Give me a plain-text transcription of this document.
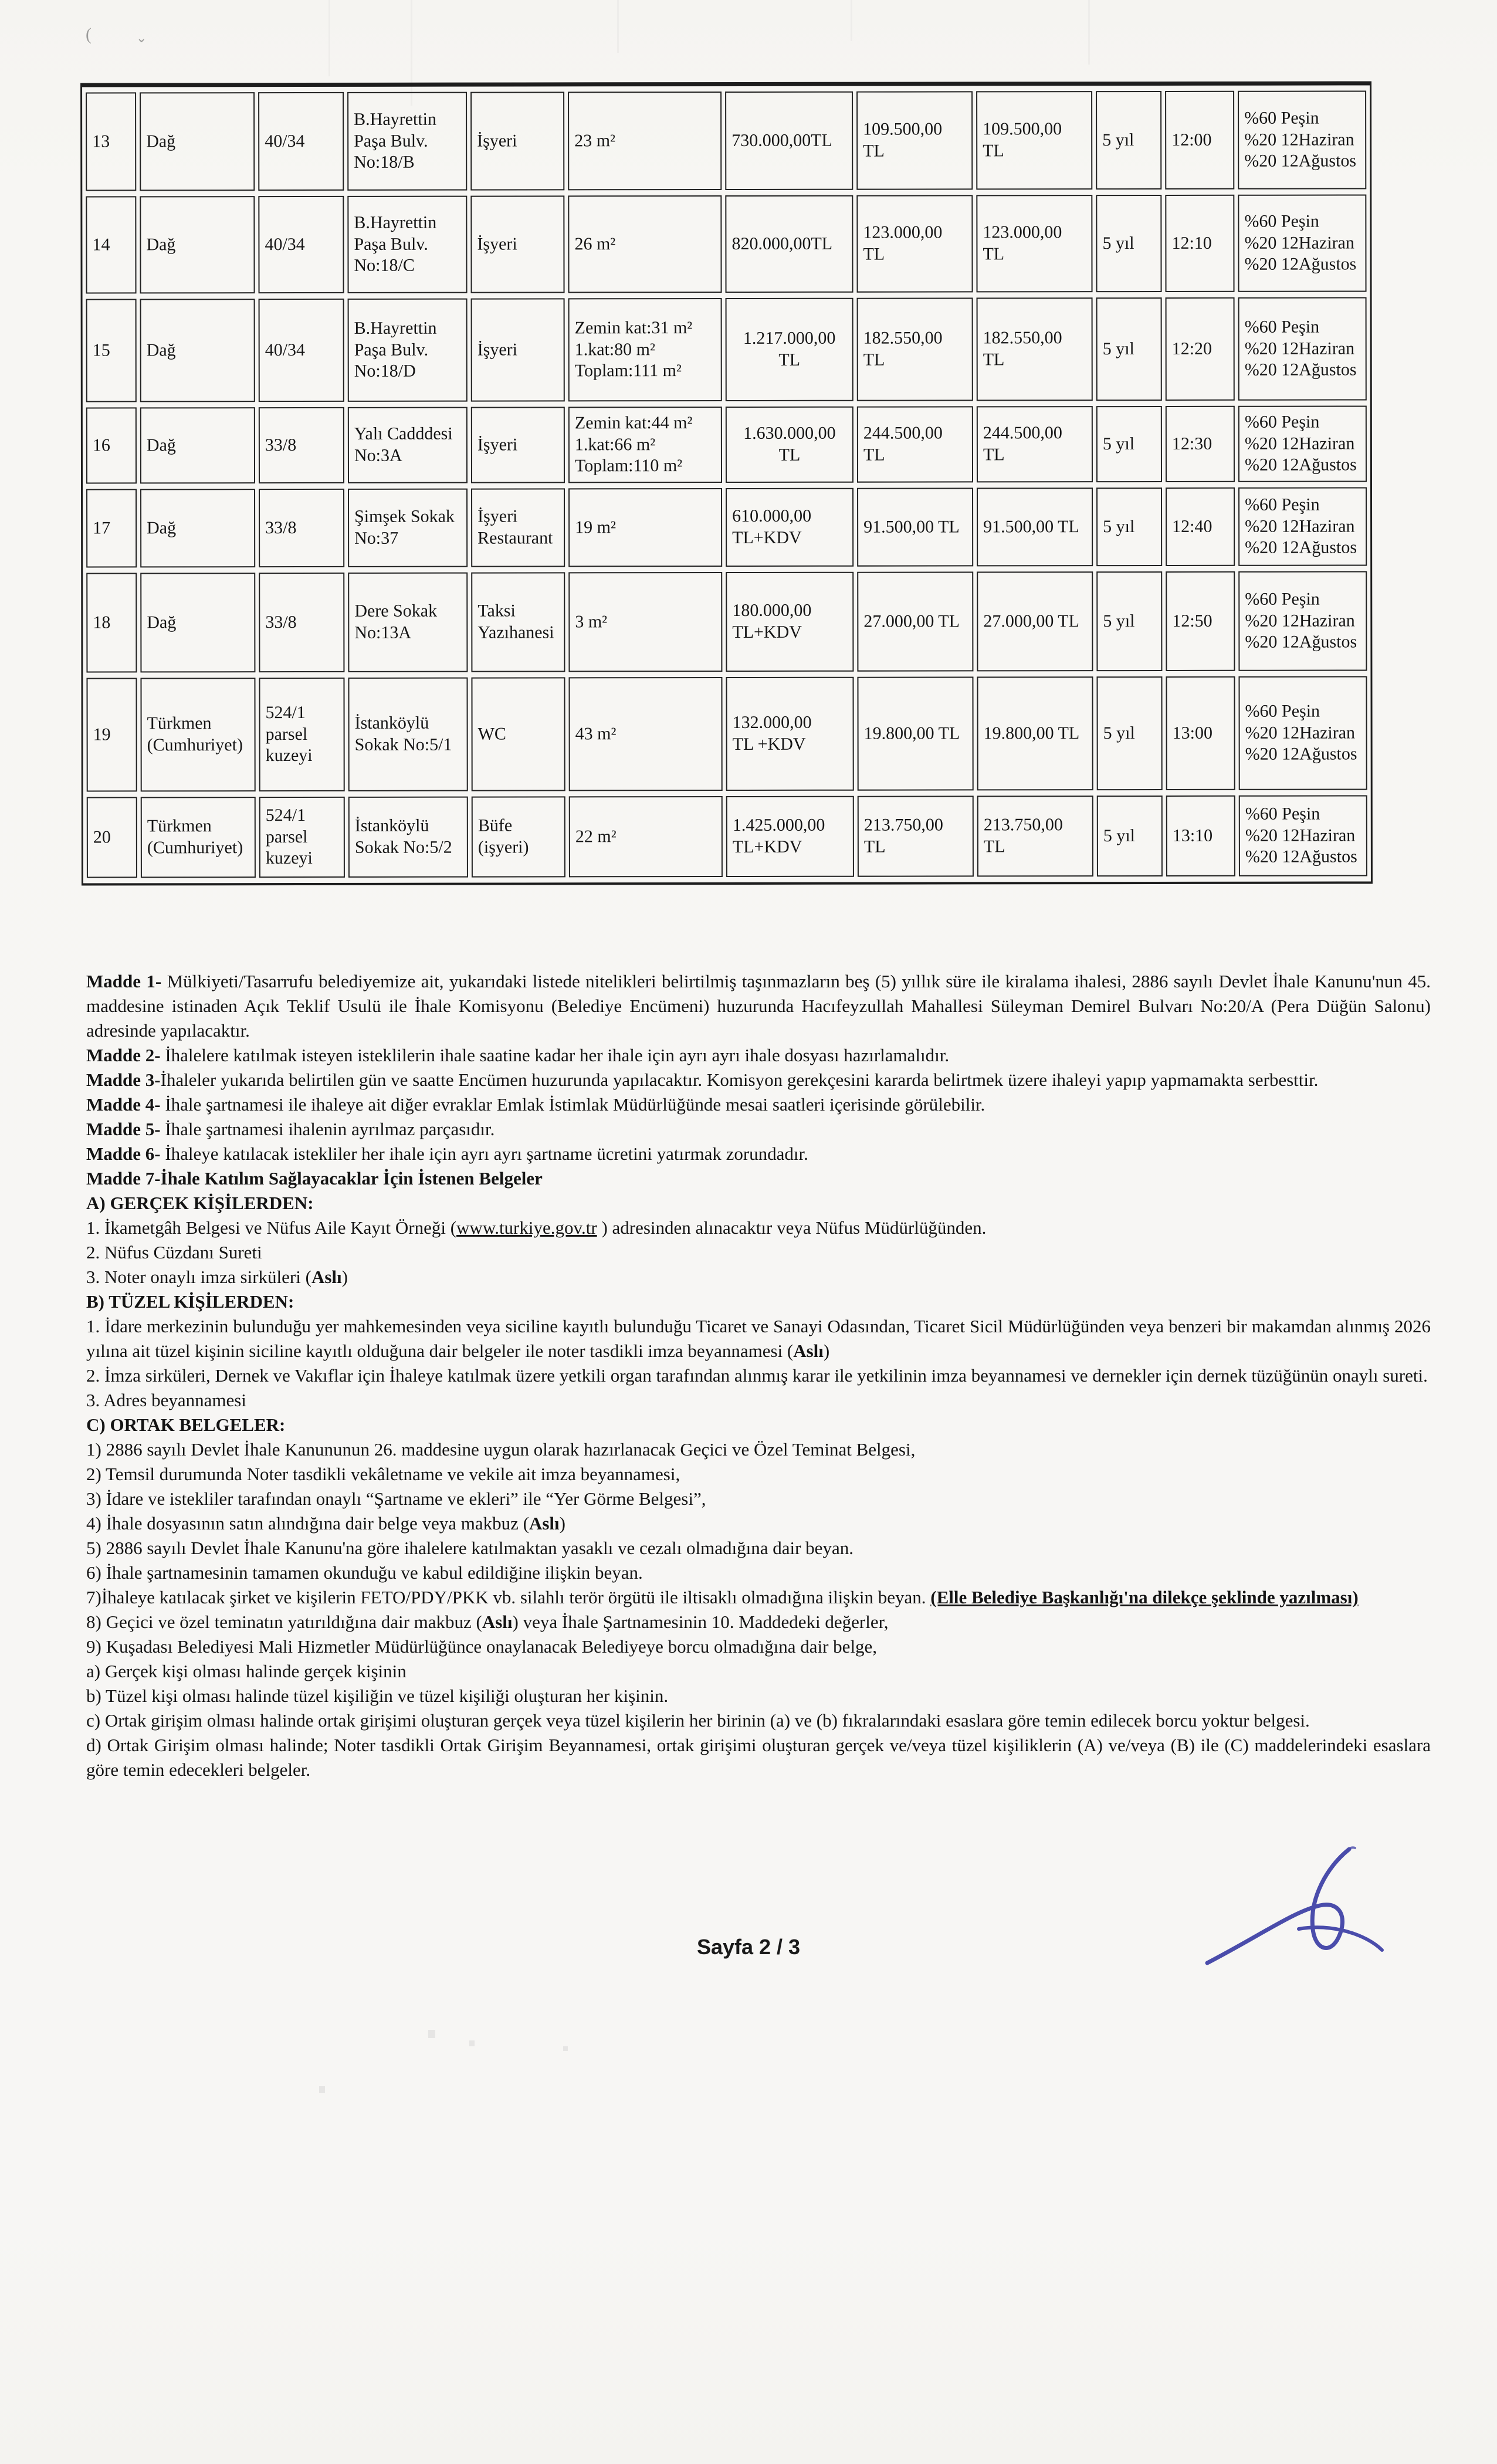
(	⌄
13	Dağ	40/34	B.Hayrettin
Paşa Bulv.
No:18/B	İşyeri	23 m²	730.000,00TL	109.500,00 TL	109.500,00 TL	5 yıl	12:00	%60 Peşin
%20 12Haziran
%20 12Ağustos
14	Dağ	40/34	B.Hayrettin
Paşa Bulv.
No:18/C	İşyeri	26 m²	820.000,00TL	123.000,00 TL	123.000,00 TL	5 yıl	12:10	%60 Peşin
%20 12Haziran
%20 12Ağustos
15	Dağ	40/34	B.Hayrettin
Paşa Bulv.
No:18/D	İşyeri	Zemin kat:31 m²
1.kat:80 m²
Toplam:111 m²	1.217.000,00
TL	182.550,00 TL	182.550,00 TL	5 yıl	12:20	%60 Peşin
%20 12Haziran
%20 12Ağustos
16	Dağ	33/8	Yalı Cadddesi
No:3A	İşyeri	Zemin kat:44 m²
1.kat:66 m²
Toplam:110 m²	1.630.000,00
TL	244.500,00 TL	244.500,00 TL	5 yıl	12:30	%60 Peşin
%20 12Haziran
%20 12Ağustos
17	Dağ	33/8	Şimşek Sokak
No:37	İşyeri
Restaurant	19 m²	610.000,00
TL+KDV	91.500,00 TL	91.500,00 TL	5 yıl	12:40	%60 Peşin
%20 12Haziran
%20 12Ağustos
18	Dağ	33/8	Dere Sokak
No:13A	Taksi
Yazıhanesi	3 m²	180.000,00
TL+KDV	27.000,00 TL	27.000,00 TL	5 yıl	12:50	%60 Peşin
%20 12Haziran
%20 12Ağustos
19	Türkmen
(Cumhuriyet)	524/1
parsel
kuzeyi	İstanköylü
Sokak No:5/1	WC	43 m²	132.000,00
TL +KDV	19.800,00 TL	19.800,00 TL	5 yıl	13:00	%60 Peşin
%20 12Haziran
%20 12Ağustos
20	Türkmen
(Cumhuriyet)	524/1
parsel
kuzeyi	İstanköylü
Sokak No:5/2	Büfe
(işyeri)	22 m²	1.425.000,00
TL+KDV	213.750,00 TL	213.750,00 TL	5 yıl	13:10	%60 Peşin
%20 12Haziran
%20 12Ağustos

Madde 1- Mülkiyeti/Tasarrufu belediyemize ait, yukarıdaki listede nitelikleri belirtilmiş taşınmazların beş (5) yıllık süre ile kiralama ihalesi, 2886 sayılı Devlet İhale Kanunu'nun 45. maddesine istinaden Açık Teklif Usulü ile İhale Komisyonu (Belediye Encümeni) huzurunda Hacıfeyzullah Mahallesi Süleyman Demirel Bulvarı No:20/A (Pera Düğün Salonu) adresinde yapılacaktır.

Madde 2- İhalelere katılmak isteyen isteklilerin ihale saatine kadar her ihale için ayrı ayrı ihale dosyası hazırlamalıdır.

Madde 3-İhaleler yukarıda belirtilen gün ve saatte Encümen huzurunda yapılacaktır. Komisyon gerekçesini kararda belirtmek üzere ihaleyi yapıp yapmamakta serbesttir.

Madde 4- İhale şartnamesi ile ihaleye ait diğer evraklar Emlak İstimlak Müdürlüğünde mesai saatleri içerisinde görülebilir.

Madde 5- İhale şartnamesi ihalenin ayrılmaz parçasıdır.

Madde 6- İhaleye katılacak istekliler her ihale için ayrı ayrı şartname ücretini yatırmak zorundadır.

Madde 7-İhale Katılım Sağlayacaklar İçin İstenen Belgeler

A) GERÇEK KİŞİLERDEN:

1. İkametgâh Belgesi ve Nüfus Aile Kayıt Örneği (www.turkiye.gov.tr ) adresinden alınacaktır veya Nüfus Müdürlüğünden.

2. Nüfus Cüzdanı Sureti

3. Noter onaylı imza sirküleri (Aslı)

B) TÜZEL KİŞİLERDEN:

1. İdare merkezinin bulunduğu yer mahkemesinden veya siciline kayıtlı bulunduğu Ticaret ve Sanayi Odasından, Ticaret Sicil Müdürlüğünden veya benzeri bir makamdan alınmış 2026 yılına ait tüzel kişinin siciline kayıtlı olduğuna dair belgeler ile noter tasdikli imza beyannamesi (Aslı)

2. İmza sirküleri, Dernek ve Vakıflar için İhaleye katılmak üzere yetkili organ tarafından alınmış karar ile yetkilinin imza beyannamesi ve dernekler için dernek tüzüğünün onaylı sureti.

3. Adres beyannamesi

C) ORTAK BELGELER:

1) 2886 sayılı Devlet İhale Kanununun 26. maddesine uygun olarak hazırlanacak Geçici ve Özel Teminat Belgesi,

2) Temsil durumunda Noter tasdikli vekâletname ve vekile ait imza beyannamesi,

3) İdare ve istekliler tarafından onaylı “Şartname ve ekleri” ile “Yer Görme Belgesi”,

4) İhale dosyasının satın alındığına dair belge veya makbuz (Aslı)

5) 2886 sayılı Devlet İhale Kanunu'na göre ihalelere katılmaktan yasaklı ve cezalı olmadığına dair beyan.

6) İhale şartnamesinin tamamen okunduğu ve kabul edildiğine ilişkin beyan.

7)İhaleye katılacak şirket ve kişilerin FETO/PDY/PKK vb. silahlı terör örgütü ile iltisaklı olmadığına ilişkin beyan. (Elle Belediye Başkanlığı'na dilekçe şeklinde yazılması)

8) Geçici ve özel teminatın yatırıldığına dair makbuz (Aslı) veya İhale Şartnamesinin 10. Maddedeki değerler,

9) Kuşadası Belediyesi Mali Hizmetler Müdürlüğünce onaylanacak Belediyeye borcu olmadığına dair belge,

a) Gerçek kişi olması halinde gerçek kişinin

b) Tüzel kişi olması halinde tüzel kişiliğin ve tüzel kişiliği oluşturan her kişinin.

c) Ortak girişim olması halinde ortak girişimi oluşturan gerçek veya tüzel kişilerin her birinin (a) ve (b) fıkralarındaki esaslara göre temin edilecek borcu yoktur belgesi.

d) Ortak Girişim olması halinde; Noter tasdikli Ortak Girişim Beyannamesi, ortak girişimi oluşturan gerçek ve/veya tüzel kişiliklerin (A) ve/veya (B) ile (C) maddelerindeki esaslara göre temin edecekleri belgeler.

Sayfa 2 / 3
